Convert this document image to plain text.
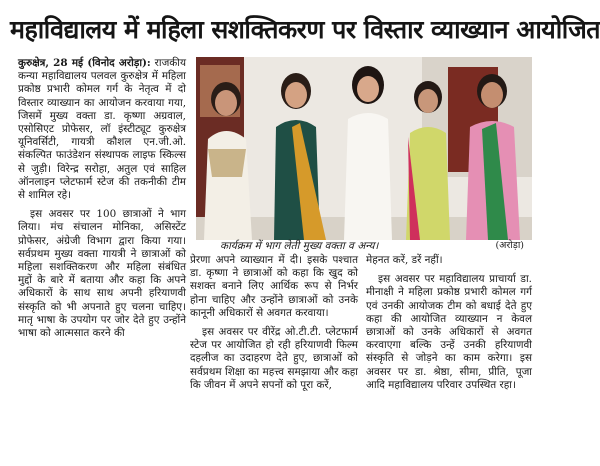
महाविद्यालय में महिला सशक्तिकरण पर विस्तार व्याख्यान आयोजित

कुरुक्षेत्र, 28 मई (विनोद अरोड़ा): राजकीय कन्या महाविद्यालय पलवल कुरुक्षेत्र में महिला प्रकोष्ठ प्रभारी कोमल गर्ग के नेतृत्व में दो विस्तार व्याख्यान का आयोजन करवाया गया, जिसमें मुख्य वक्ता डा. कृष्णा अग्रवाल, एसोसिएट प्रोफेसर, लॉ इंस्टीट्यूट कुरुक्षेत्र यूनिवर्सिटी, गायत्री कौशल एन.जी.ओ. संकल्पित फाउंडेशन संस्थापक लाइफ स्किल्स से जुड़ी। विरेन्द्र सरोहा, अतुल एवं साहिल ऑनलाइन प्लेटफार्म स्टेज की तकनीकी टीम से शामिल रहे।

इस अवसर पर 100 छात्राओं ने भाग लिया। मंच संचालन मोनिका, असिस्टेंट प्रोफेसर, अंग्रेजी विभाग द्वारा किया गया। सर्वप्रथम मुख्य वक्ता गायत्री ने छात्राओं को महिला सशक्तिकरण और महिला संबंधित मुद्दों के बारे में बताया और कहा कि अपने अधिकारों के साथ साथ अपनी हरियाणवी संस्कृति को भी अपनाते हुए चलना चाहिए। मातृ भाषा के उपयोग पर जोर देते हुए उन्होंने भाषा को आत्मसात करने की

कार्यक्रम में भाग लेती मुख्य वक्ता व अन्य।	(अरोड़ा)

प्रेरणा अपने व्याख्यान में दी। इसके पश्चात डा. कृष्णा ने छात्राओं को कहा कि खुद को सशक्त बनाने लिए आर्थिक रूप से निर्भर होना चाहिए और उन्होंने छात्राओं को उनके कानूनी अधिकारों से अवगत करवाया।

इस अवसर पर वीरेंद्र ओ.टी.टी. प्लेटफार्म स्टेज पर आयोजित हो रही हरियाणवी फिल्म दहलीज का उदाहरण देते हुए, छात्राओं को सर्वप्रथम शिक्षा का महत्त्व समझाया और कहा कि जीवन में अपने सपनों को पूरा करें,

मेहनत करें, डरें नहीं।

इस अवसर पर महाविद्यालय प्राचार्या डा. मीनाक्षी ने महिला प्रकोष्ठ प्रभारी कोमल गर्ग एवं उनकी आयोजक टीम को बधाई देते हुए कहा की आयोजित व्याख्यान न केवल छात्राओं को उनके अधिकारों से अवगत करवाएगा बल्कि उन्हें उनकी हरियाणवी संस्कृति से जोड़ने का काम करेगा। इस अवसर पर डा. श्रेष्ठा, सीमा, प्रीति, पूजा आदि महाविद्यालय परिवार उपस्थित रहा।
